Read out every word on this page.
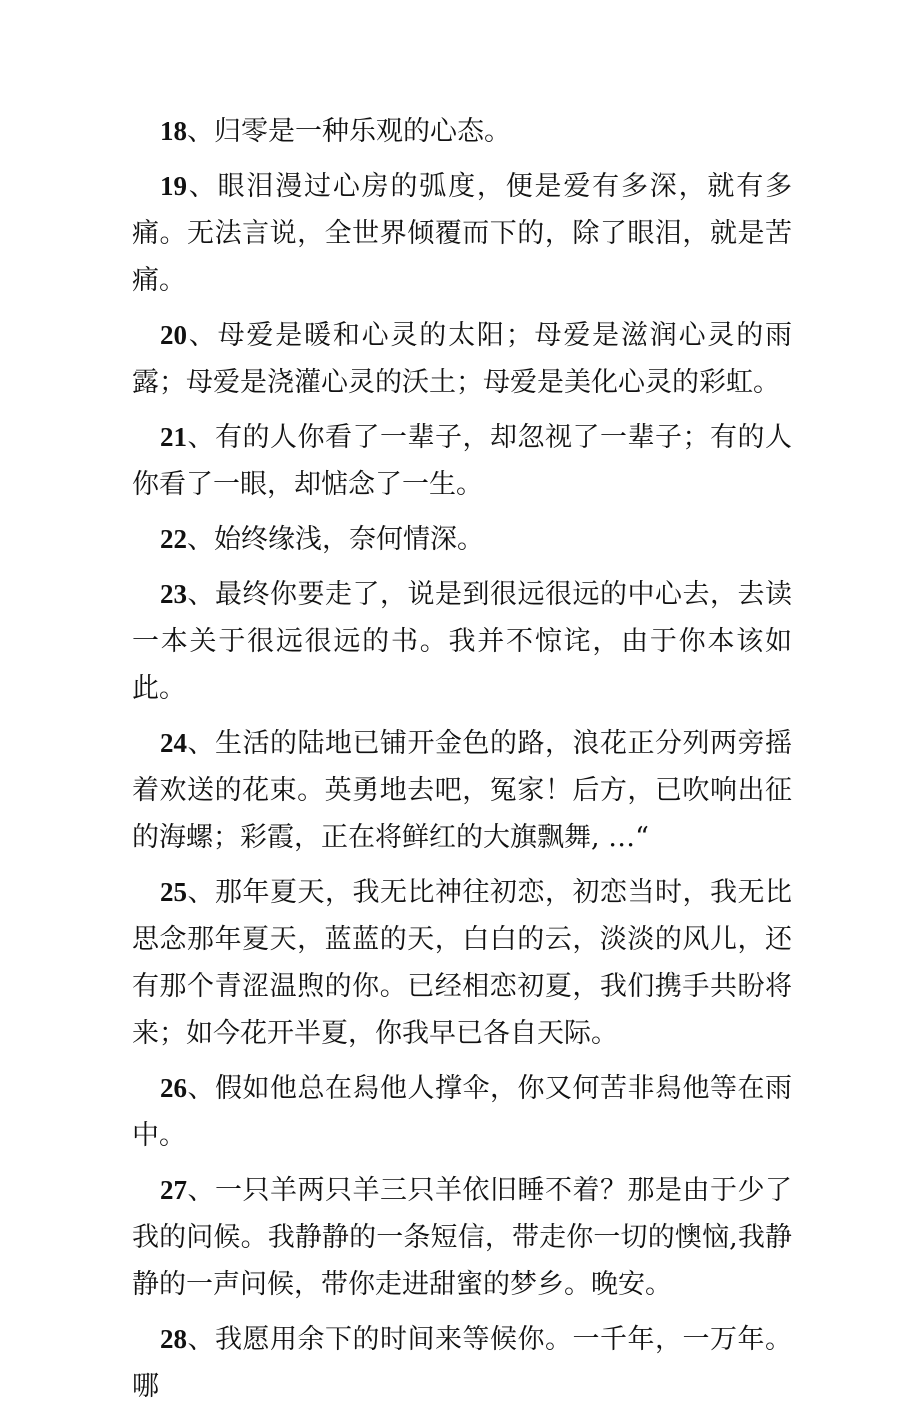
18、归零是一种乐观的心态。

19、眼泪漫过心房的弧度，便是爱有多深，就有多痛。无法言说，全世界倾覆而下的，除了眼泪，就是苦痛。

20、母爱是暖和心灵的太阳；母爱是滋润心灵的雨露；母爱是浇灌心灵的沃土；母爱是美化心灵的彩虹。

21、有的人你看了一辈子，却忽视了一辈子；有的人你看了一眼，却惦念了一生。

22、始终缘浅，奈何情深。

23、最终你要走了，说是到很远很远的中心去，去读一本关于很远很远的书。我并不惊诧，由于你本该如此。

24、生活的陆地已铺开金色的路，浪花正分列两旁摇着欢送的花束。英勇地去吧，冤家！后方，已吹响出征的海螺；彩霞，正在将鲜红的大旗飘舞, …“

25、那年夏天，我无比神往初恋，初恋当时，我无比思念那年夏天，蓝蓝的天，白白的云，淡淡的风儿，还有那个青涩温煦的你。已经相恋初夏，我们携手共盼将来；如今花开半夏，你我早已各自天际。

26、假如他总在舄他人撑伞，你又何苦非舄他等在雨中。

27、一只羊两只羊三只羊依旧睡不着？那是由于少了我的问候。我静静的一条短信，带走你一切的懊恼,我静静的一声问候，带你走进甜蜜的梦乡。晚安。

28、我愿用余下的时间来等候你。一千年，一万年。哪
